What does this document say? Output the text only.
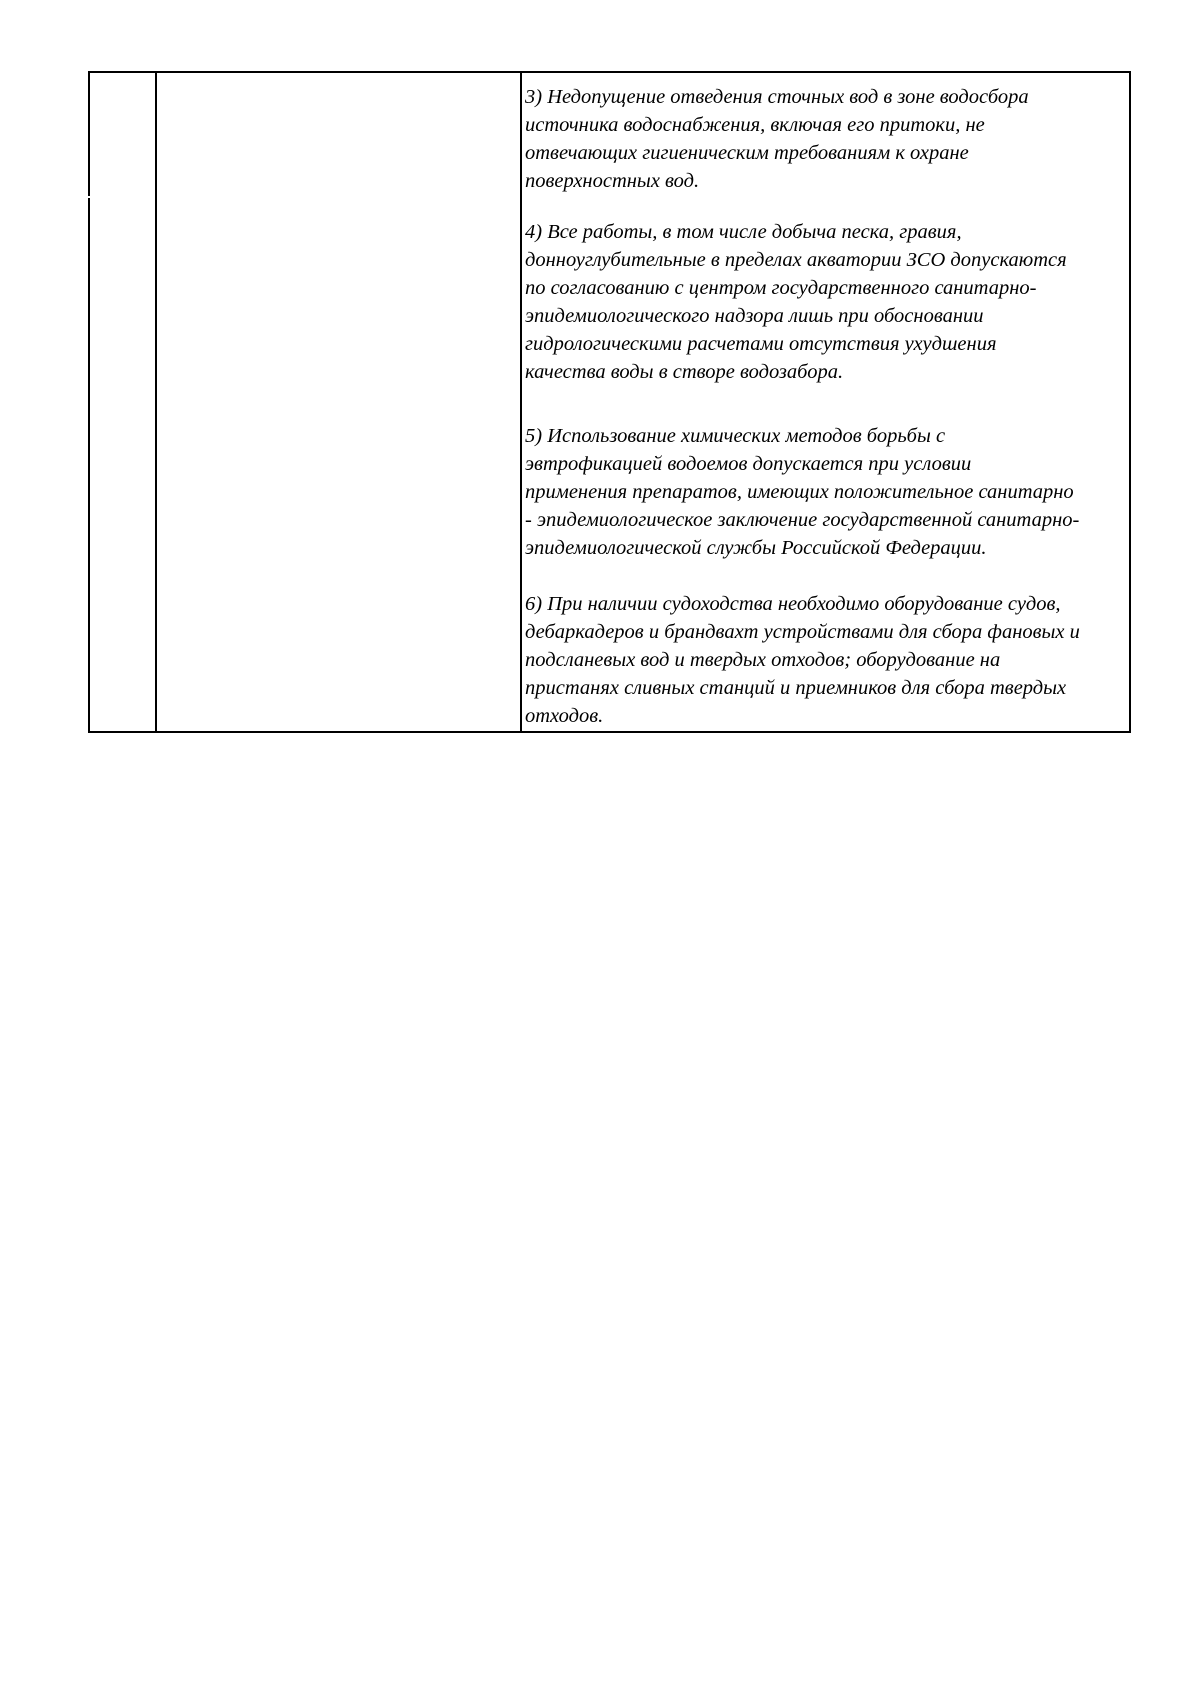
3) Недопущение отведения сточных вод в зоне водосбора
источника водоснабжения, включая его притоки, не
отвечающих гигиеническим требованиям к охране
поверхностных вод.

4) Все работы, в том числе добыча песка, гравия,
донноуглубительные в пределах акватории ЗСО допускаются
по согласованию с центром государственного санитарно-
эпидемиологического надзора лишь при обосновании
гидрологическими расчетами отсутствия ухудшения
качества воды в створе водозабора.

5) Использование химических методов борьбы с
эвтрофикацией водоемов допускается при условии
применения препаратов, имеющих положительное санитарно
- эпидемиологическое заключение государственной санитарно-
эпидемиологической службы Российской Федерации.

6) При наличии судоходства необходимо оборудование судов,
дебаркадеров и брандвахт устройствами для сбора фановых и
подсланевых вод и твердых отходов; оборудование на
пристанях сливных станций и приемников для сбора твердых
отходов.
